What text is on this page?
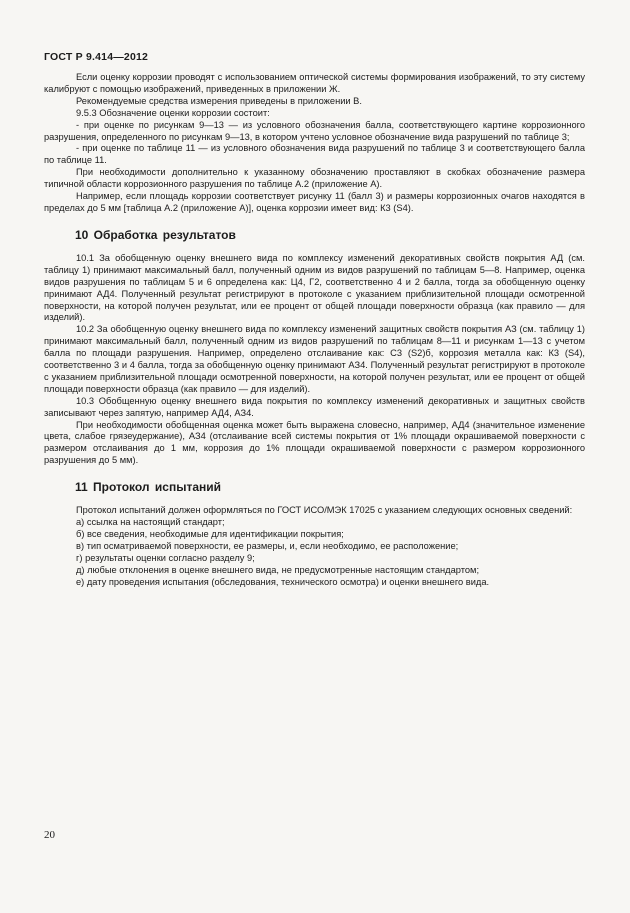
ГОСТ Р 9.414—2012

Если оценку коррозии проводят с использованием оптической системы формирования изображений, то эту систему калибруют с помощью изображений, приведенных в приложении Ж.

Рекомендуемые средства измерения приведены в приложении В.

9.5.3 Обозначение оценки коррозии состоит:

- при оценке по рисункам 9—13 — из условного обозначения балла, соответствующего картине коррозионного разрушения, определенного по рисункам 9—13, в котором учтено условное обозначение вида разрушений по таблице 3;

- при оценке по таблице 11 — из условного обозначения вида разрушений по таблице 3 и соответствующего балла по таблице 11.

При необходимости дополнительно к указанному обозначению проставляют в скобках обозначение размера типичной области коррозионного разрушения по таблице А.2 (приложение А).

Например, если площадь коррозии соответствует рисунку 11 (балл 3) и размеры коррозионных очагов находятся в пределах до 5 мм [таблица А.2 (приложение А)], оценка коррозии имеет вид: К3 (S4).

10 Обработка результатов

10.1 За обобщенную оценку внешнего вида по комплексу изменений декоративных свойств покрытия АД (см. таблицу 1) принимают максимальный балл, полученный одним из видов разрушений по таблицам 5—8. Например, оценка видов разрушения по таблицам 5 и 6 определена как: Ц4, Г2, соответственно 4 и 2 балла, тогда за обобщенную оценку принимают АД4. Полученный результат регистрируют в протоколе с указанием приблизительной площади осмотренной поверхности, на которой получен результат, или ее процент от общей площади поверхности образца (как правило — для изделий).

10.2 За обобщенную оценку внешнего вида по комплексу изменений защитных свойств покрытия АЗ (см. таблицу 1) принимают максимальный балл, полученный одним из видов разрушений по таблицам 8—11 и рисункам 1—13 с учетом балла по площади разрушения. Например, определено отслаивание как: С3 (S2)б, коррозия металла как: К3 (S4), соответственно 3 и 4 балла, тогда за обобщенную оценку принимают АЗ4. Полученный результат регистрируют в протоколе с указанием приблизительной площади осмотренной поверхности, на которой получен результат, или ее процент от общей площади поверхности образца (как правило — для изделий).

10.3 Обобщенную оценку внешнего вида покрытия по комплексу изменений декоративных и защитных свойств записывают через запятую, например АД4, АЗ4.

При необходимости обобщенная оценка может быть выражена словесно, например, АД4 (значительное изменение цвета, слабое грязеудержание), АЗ4 (отслаивание всей системы покрытия от 1% площади окрашиваемой поверхности с размером отслаивания до 1 мм, коррозия до 1% площади окрашиваемой поверхности с размером коррозионного разрушения до 5 мм).

11 Протокол испытаний

Протокол испытаний должен оформляться по ГОСТ ИСО/МЭК 17025 с указанием следующих основных сведений:

а) ссылка на настоящий стандарт;

б) все сведения, необходимые для идентификации покрытия;

в) тип осматриваемой поверхности, ее размеры, и, если необходимо, ее расположение;

г) результаты оценки согласно разделу 9;

д) любые отклонения в оценке внешнего вида, не предусмотренные настоящим стандартом;

е) дату проведения испытания (обследования, технического осмотра) и оценки внешнего вида.

20
